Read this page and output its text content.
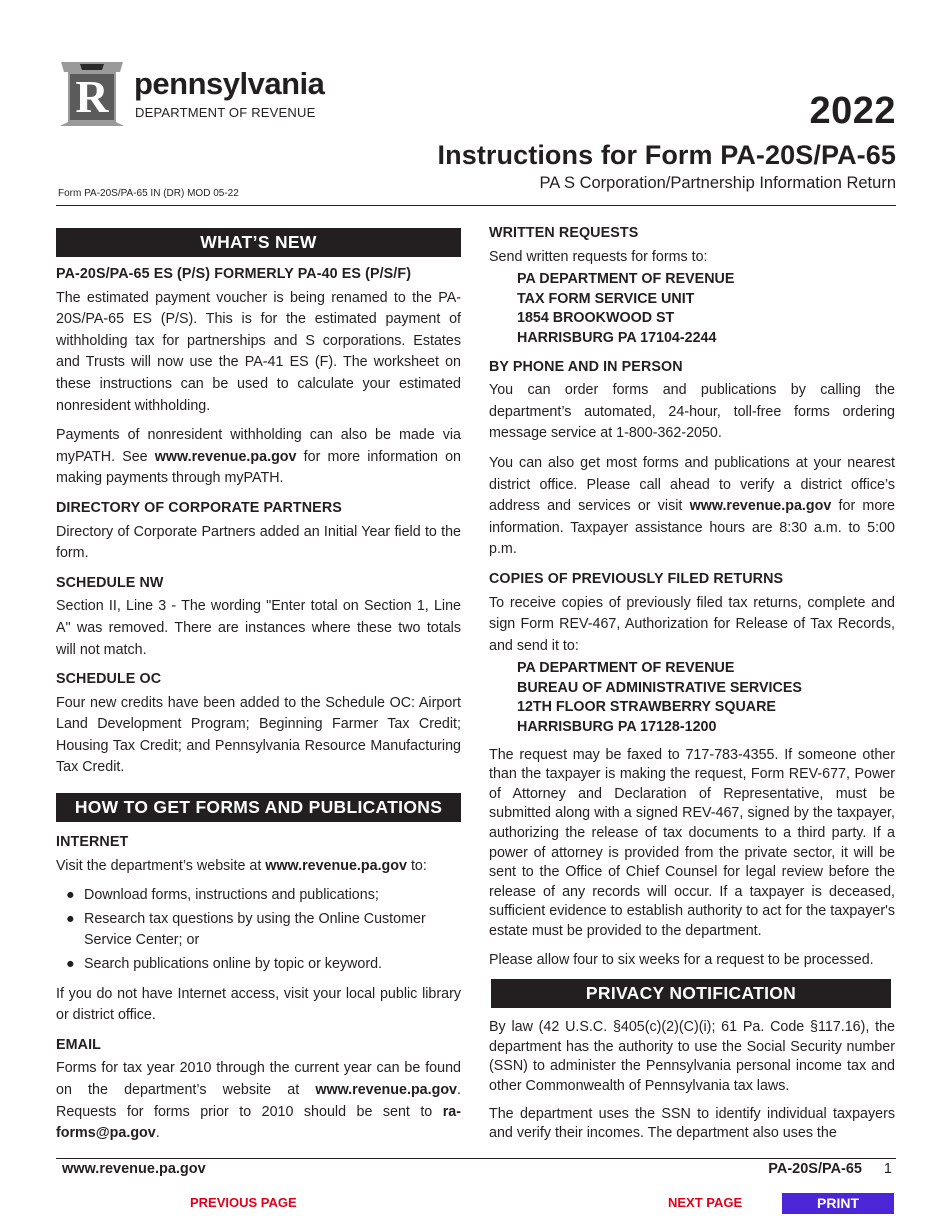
R pennsylvania
DEPARTMENT OF REVENUE	2022
Instructions for Form PA-20S/PA-65
PA S Corporation/Partnership Information Return
Form PA-20S/PA-65 IN (DR) MOD 05-22
WHAT’S NEW
PA-20S/PA-65 ES (P/S) FORMERLY PA-40 ES (P/S/F)

The estimated payment voucher is being renamed to the PA-20S/PA-65 ES (P/S). This is for the estimated payment of withholding tax for partnerships and S corporations. Estates and Trusts will now use the PA-41 ES (F). The worksheet on these instructions can be used to calculate your estimated nonresident withholding.

Payments of nonresident withholding can also be made via myPATH. See www.revenue.pa.gov for more information on making payments through myPATH.

DIRECTORY OF CORPORATE PARTNERS

Directory of Corporate Partners added an Initial Year field to the form.

SCHEDULE NW

Section II, Line 3 - The wording "Enter total on Section 1, Line A" was removed. There are instances where these two totals will not match.

SCHEDULE OC

Four new credits have been added to the Schedule OC: Airport Land Development Program; Beginning Farmer Tax Credit; Housing Tax Credit; and Pennsylvania Resource Manufacturing Tax Credit.

HOW TO GET FORMS AND PUBLICATIONS
INTERNET

Visit the department’s website at www.revenue.pa.gov to:

● Download forms, instructions and publications;
● Research tax questions by using the Online Customer Service Center; or
● Search publications online by topic or keyword.

If you do not have Internet access, visit your local public library or district office.

EMAIL

Forms for tax year 2010 through the current year can be found on the department’s website at www.revenue.pa.gov. Requests for forms prior to 2010 should be sent to ra-forms@pa.gov.

WRITTEN REQUESTS

Send written requests for forms to:

PA DEPARTMENT OF REVENUE
TAX FORM SERVICE UNIT
1854 BROOKWOOD ST
HARRISBURG PA 17104-2244
BY PHONE AND IN PERSON

You can order forms and publications by calling the department’s automated, 24-hour, toll-free forms ordering message service at 1-800-362-2050.

You can also get most forms and publications at your nearest district office. Please call ahead to verify a district office’s address and services or visit www.revenue.pa.gov for more information. Taxpayer assistance hours are 8:30 a.m. to 5:00 p.m.

COPIES OF PREVIOUSLY FILED RETURNS

To receive copies of previously filed tax returns, complete and sign Form REV-467, Authorization for Release of Tax Records, and send it to:

PA DEPARTMENT OF REVENUE
BUREAU OF ADMINISTRATIVE SERVICES
12TH FLOOR STRAWBERRY SQUARE
HARRISBURG PA 17128-1200

The request may be faxed to 717-783-4355. If someone other than the taxpayer is making the request, Form REV-677, Power of Attorney and Declaration of Representative, must be submitted along with a signed REV-467, signed by the taxpayer, authorizing the release of tax documents to a third party. If a power of attorney is provided from the private sector, it will be sent to the Office of Chief Counsel for legal review before the release of any records will occur. If a taxpayer is deceased, sufficient evidence to establish authority to act for the taxpayer's estate must be provided to the department.

Please allow four to six weeks for a request to be processed.

PRIVACY NOTIFICATION

By law (42 U.S.C. §405(c)(2)(C)(i); 61 Pa. Code §117.16), the department has the authority to use the Social Security number (SSN) to administer the Pennsylvania personal income tax and other Commonwealth of Pennsylvania tax laws.

The department uses the SSN to identify individual taxpayers and verify their incomes. The department also uses the

www.revenue.pa.gov	PA-20S/PA-65 1
PREVIOUS PAGE	NEXT PAGE	PRINT
